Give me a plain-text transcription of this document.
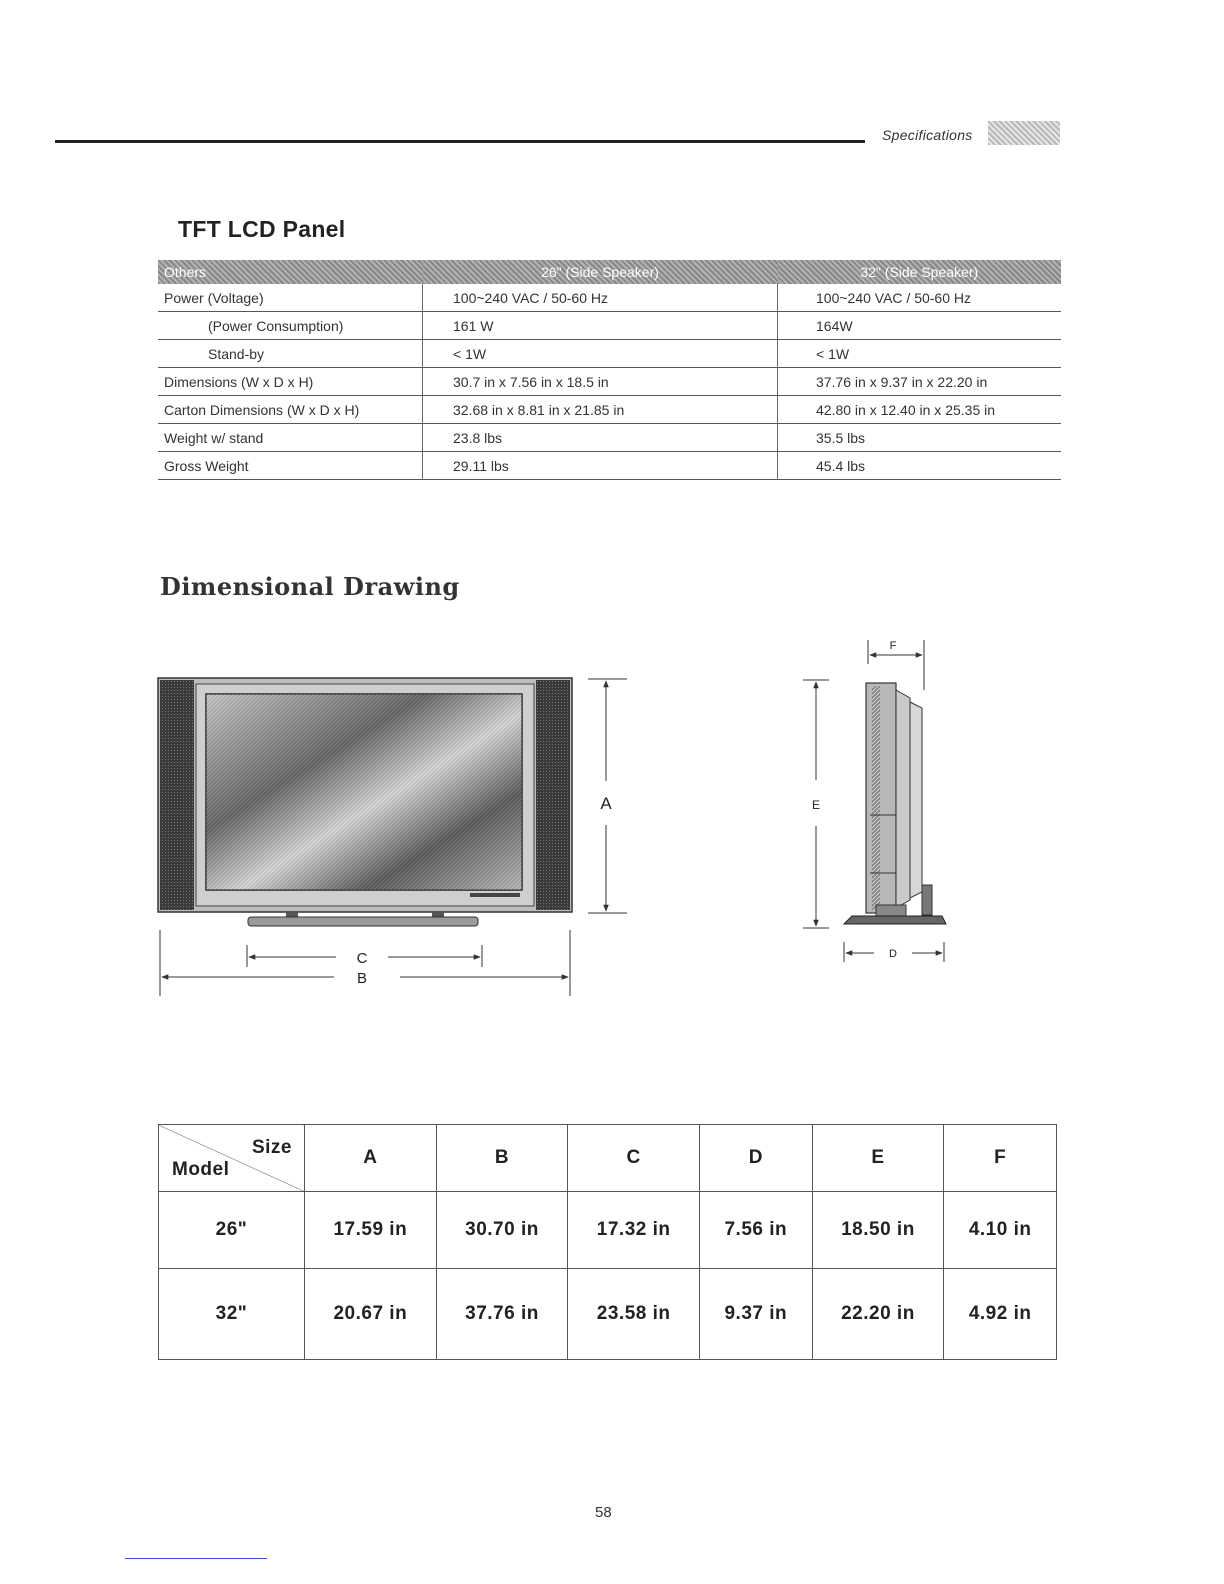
Specifications
TFT LCD Panel
Others	26" (Side Speaker)	32" (Side Speaker)
Power (Voltage)	100~240 VAC / 50-60 Hz	100~240 VAC / 50-60 Hz
(Power Consumption)	161 W	164W
Stand-by	< 1W	< 1W
Dimensions (W x D x H)	30.7 in x 7.56 in x 18.5 in	37.76 in x 9.37 in x 22.20 in
Carton Dimensions (W x D x H)	32.68 in x 8.81 in x 21.85 in	42.80 in x 12.40 in x 25.35 in
Weight w/ stand	23.8 lbs	35.5 lbs
Gross Weight	29.11 lbs	45.4 lbs
Dimensional Drawing
A
C
B
F
E
D
Size
Model	A	B	C	D	E	F
26"	17.59 in	30.70 in	17.32 in	7.56 in	18.50 in	4.10 in
32"	20.67 in	37.76 in	23.58 in	9.37 in	22.20 in	4.92 in
58
